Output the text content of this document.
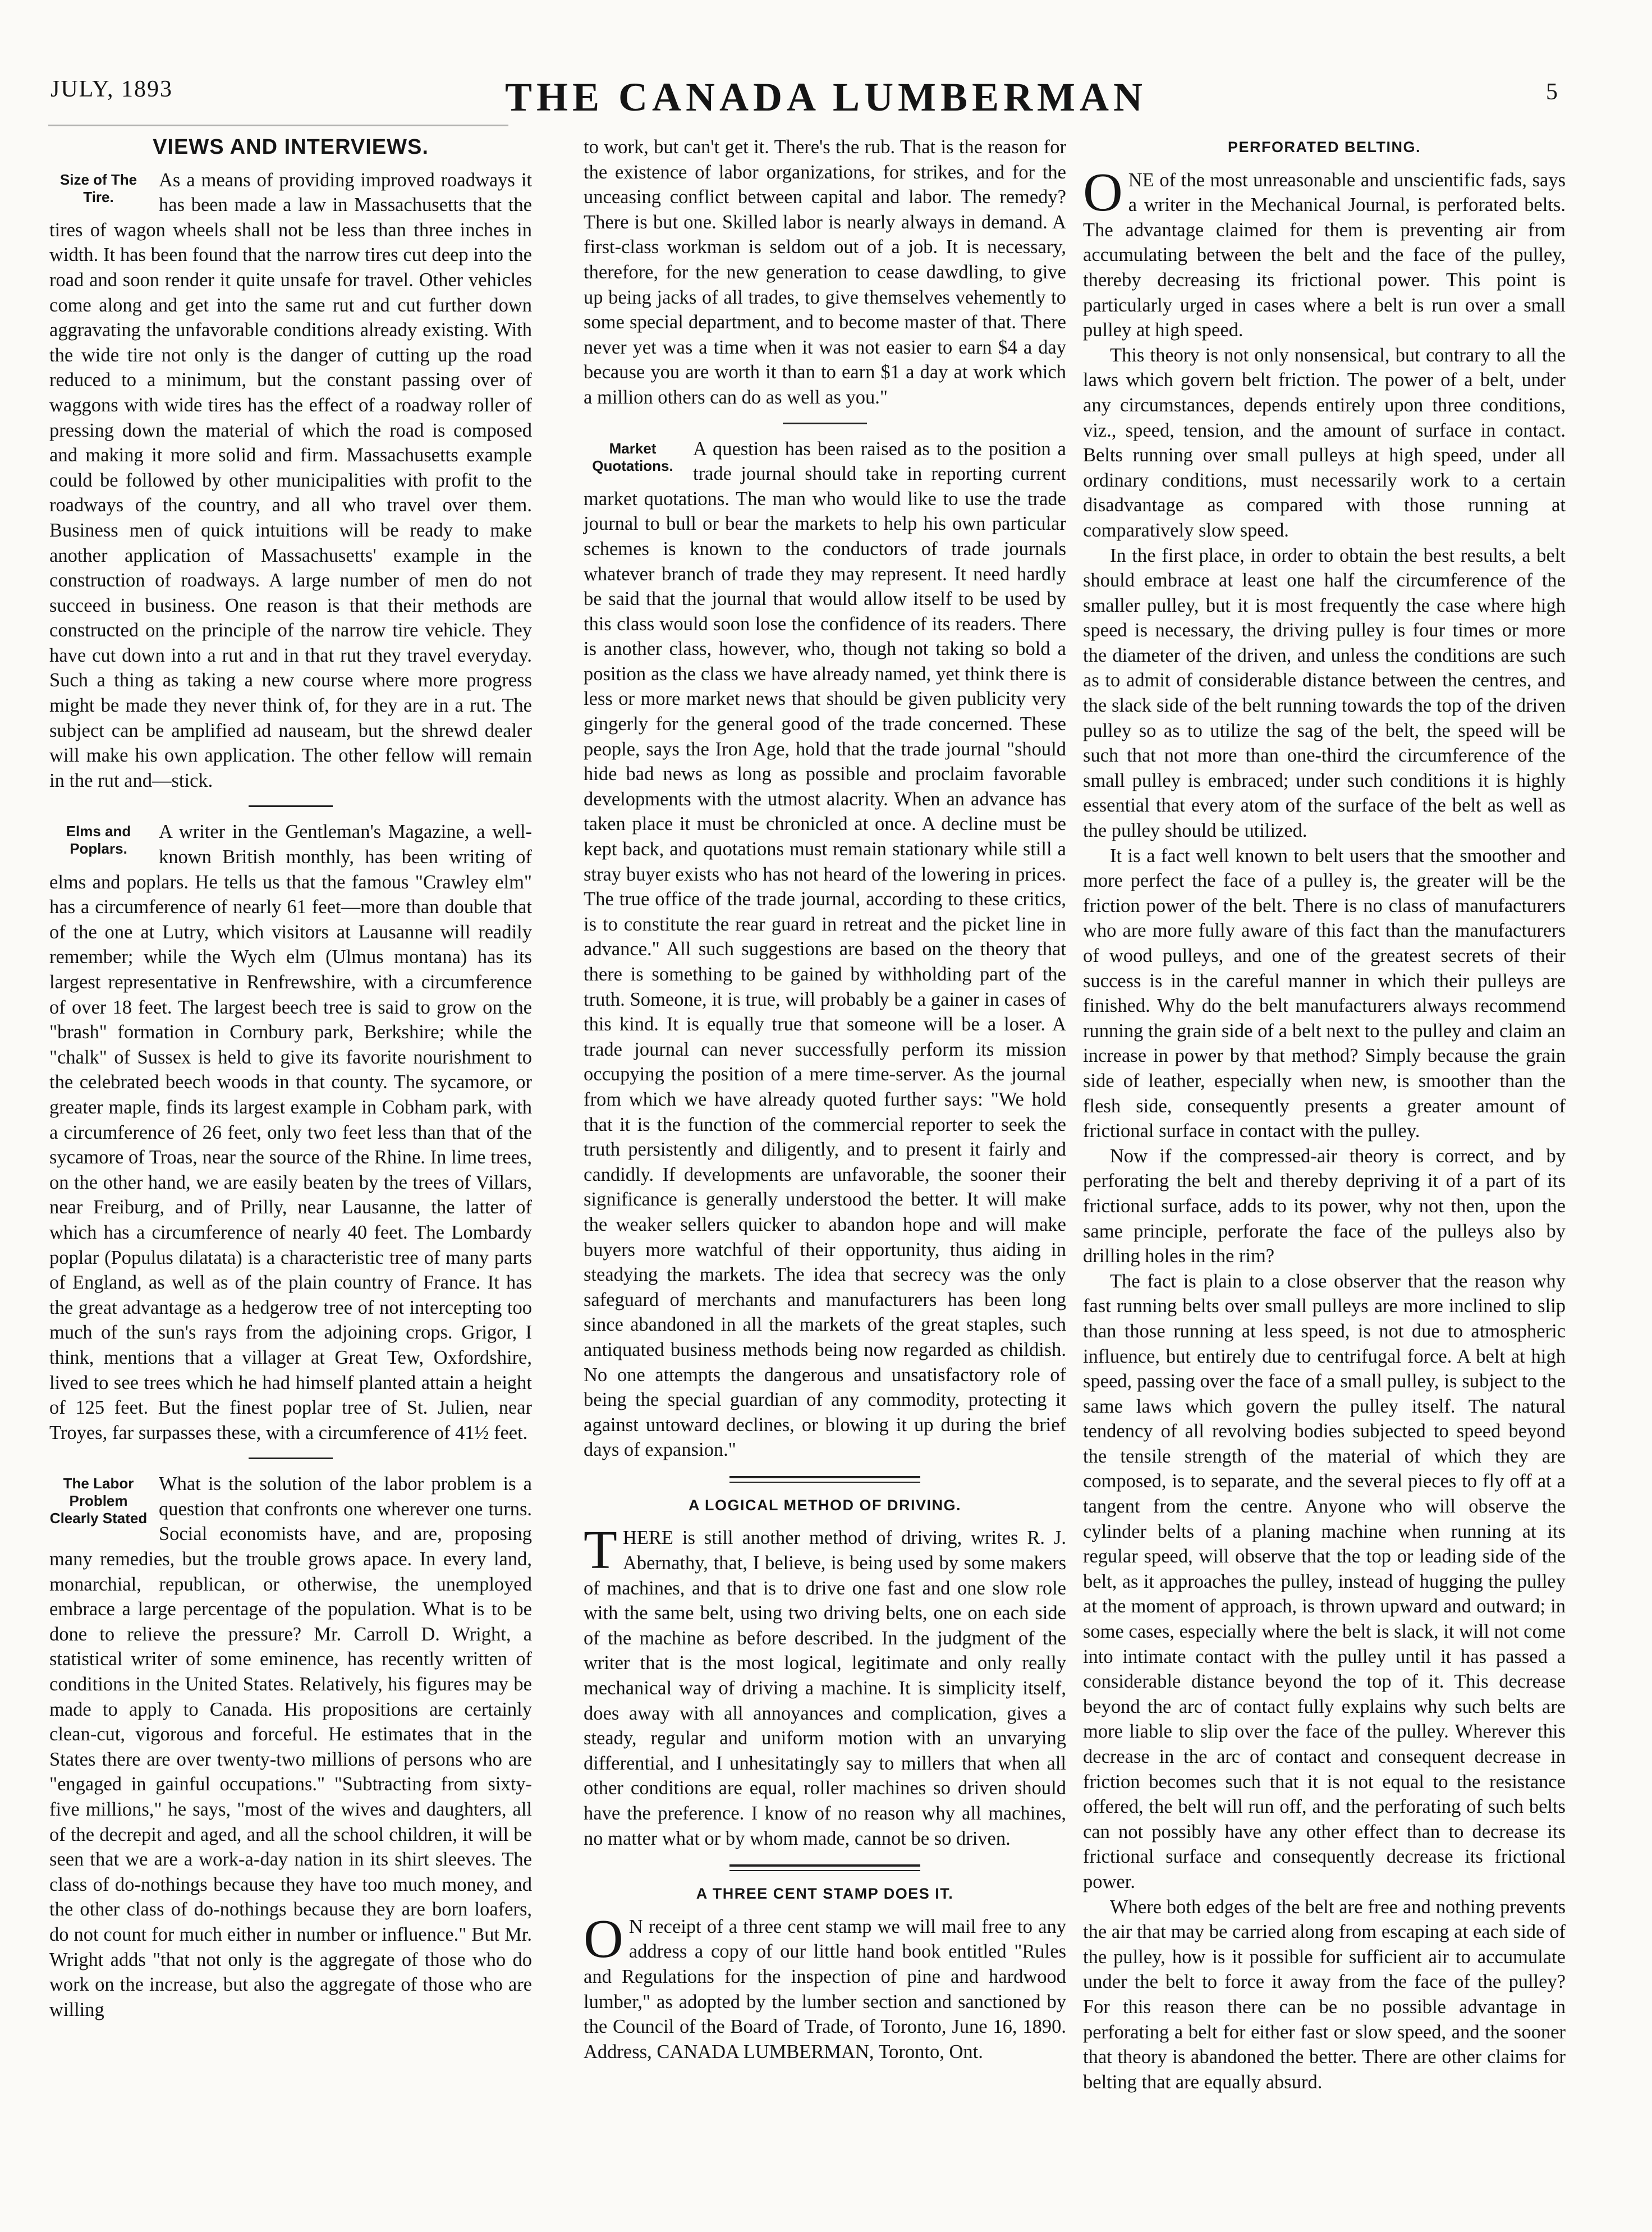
JULY, 1893	THE CANADA LUMBERMAN	5
VIEWS AND INTERVIEWS.

Size of The Tire.
As a means of providing improved roadways it has been made a law in Massachusetts that the tires of wagon wheels shall not be less than three inches in width. It has been found that the narrow tires cut deep into the road and soon render it quite unsafe for travel. Other vehicles come along and get into the same rut and cut further down aggravating the unfavorable conditions already existing. With the wide tire not only is the danger of cutting up the road reduced to a minimum, but the constant passing over of waggons with wide tires has the effect of a roadway roller of pressing down the material of which the road is composed and making it more solid and firm. Massachusetts example could be followed by other municipalities with profit to the roadways of the country, and all who travel over them. Business men of quick intuitions will be ready to make another application of Massachusetts' example in the construction of roadways. A large number of men do not succeed in business. One reason is that their methods are constructed on the principle of the narrow tire vehicle. They have cut down into a rut and in that rut they travel everyday. Such a thing as taking a new course where more progress might be made they never think of, for they are in a rut. The subject can be amplified ad nauseam, but the shrewd dealer will make his own application. The other fellow will remain in the rut and—stick.

Elms and Poplars.
A writer in the Gentleman's Magazine, a well-known British monthly, has been writing of elms and poplars. He tells us that the famous "Crawley elm" has a circumference of nearly 61 feet—more than double that of the one at Lutry, which visitors at Lausanne will readily remember; while the Wych elm (Ulmus montana) has its largest representative in Renfrewshire, with a circumference of over 18 feet. The largest beech tree is said to grow on the "brash" formation in Cornbury park, Berkshire; while the "chalk" of Sussex is held to give its favorite nourishment to the celebrated beech woods in that county. The sycamore, or greater maple, finds its largest example in Cobham park, with a circumference of 26 feet, only two feet less than that of the sycamore of Troas, near the source of the Rhine. In lime trees, on the other hand, we are easily beaten by the trees of Villars, near Freiburg, and of Prilly, near Lausanne, the latter of which has a circumference of nearly 40 feet. The Lombardy poplar (Populus dilatata) is a characteristic tree of many parts of England, as well as of the plain country of France. It has the great advantage as a hedgerow tree of not intercepting too much of the sun's rays from the adjoining crops. Grigor, I think, mentions that a villager at Great Tew, Oxfordshire, lived to see trees which he had himself planted attain a height of 125 feet. But the finest poplar tree of St. Julien, near Troyes, far surpasses these, with a circumference of 41½ feet.

The Labor Problem Clearly Stated
What is the solution of the labor problem is a question that confronts one wherever one turns. Social economists have, and are, proposing many remedies, but the trouble grows apace. In every land, monarchial, republican, or otherwise, the unemployed embrace a large percentage of the population. What is to be done to relieve the pressure? Mr. Carroll D. Wright, a statistical writer of some eminence, has recently written of conditions in the United States. Relatively, his figures may be made to apply to Canada. His propositions are certainly clean-cut, vigorous and forceful. He estimates that in the States there are over twenty-two millions of persons who are "engaged in gainful occupations." "Subtracting from sixty-five millions," he says, "most of the wives and daughters, all of the decrepit and aged, and all the school children, it will be seen that we are a work-a-day nation in its shirt sleeves. The class of do-nothings because they have too much money, and the other class of do-nothings because they are born loafers, do not count for much either in number or influence." But Mr. Wright adds "that not only is the aggregate of those who do work on the increase, but also the aggregate of those who are willing

to work, but can't get it. There's the rub. That is the reason for the existence of labor organizations, for strikes, and for the unceasing conflict between capital and labor. The remedy? There is but one. Skilled labor is nearly always in demand. A first-class workman is seldom out of a job. It is necessary, therefore, for the new generation to cease dawdling, to give up being jacks of all trades, to give themselves vehemently to some special department, and to become master of that. There never yet was a time when it was not easier to earn $4 a day because you are worth it than to earn $1 a day at work which a million others can do as well as you."

Market Quotations.
A question has been raised as to the position a trade journal should take in reporting current market quotations. The man who would like to use the trade journal to bull or bear the markets to help his own particular schemes is known to the conductors of trade journals whatever branch of trade they may represent. It need hardly be said that the journal that would allow itself to be used by this class would soon lose the confidence of its readers. There is another class, however, who, though not taking so bold a position as the class we have already named, yet think there is less or more market news that should be given publicity very gingerly for the general good of the trade concerned. These people, says the Iron Age, hold that the trade journal "should hide bad news as long as possible and proclaim favorable developments with the utmost alacrity. When an advance has taken place it must be chronicled at once. A decline must be kept back, and quotations must remain stationary while still a stray buyer exists who has not heard of the lowering in prices. The true office of the trade journal, according to these critics, is to constitute the rear guard in retreat and the picket line in advance." All such suggestions are based on the theory that there is something to be gained by withholding part of the truth. Someone, it is true, will probably be a gainer in cases of this kind. It is equally true that someone will be a loser. A trade journal can never successfully perform its mission occupying the position of a mere time-server. As the journal from which we have already quoted further says: "We hold that it is the function of the commercial reporter to seek the truth persistently and diligently, and to present it fairly and candidly. If developments are unfavorable, the sooner their significance is generally understood the better. It will make the weaker sellers quicker to abandon hope and will make buyers more watchful of their opportunity, thus aiding in steadying the markets. The idea that secrecy was the only safeguard of merchants and manufacturers has been long since abandoned in all the markets of the great staples, such antiquated business methods being now regarded as childish. No one attempts the dangerous and unsatisfactory role of being the special guardian of any commodity, protecting it against untoward declines, or blowing it up during the brief days of expansion."

A LOGICAL METHOD OF DRIVING.

T HERE is still another method of driving, writes R. J. Abernathy, that, I believe, is being used by some makers of machines, and that is to drive one fast and one slow role with the same belt, using two driving belts, one on each side of the machine as before described. In the judgment of the writer that is the most logical, legitimate and only really mechanical way of driving a machine. It is simplicity itself, does away with all annoyances and complication, gives a steady, regular and uniform motion with an unvarying differential, and I unhesitatingly say to millers that when all other conditions are equal, roller machines so driven should have the preference. I know of no reason why all machines, no matter what or by whom made, cannot be so driven.

A THREE CENT STAMP DOES IT.

O N receipt of a three cent stamp we will mail free to any address a copy of our little hand book entitled "Rules and Regulations for the inspection of pine and hardwood lumber," as adopted by the lumber section and sanctioned by the Council of the Board of Trade, of Toronto, June 16, 1890. Address, CANADA LUMBERMAN, Toronto, Ont.

PERFORATED BELTING.

O NE of the most unreasonable and unscientific fads, says a writer in the Mechanical Journal, is perforated belts. The advantage claimed for them is preventing air from accumulating between the belt and the face of the pulley, thereby decreasing its frictional power. This point is particularly urged in cases where a belt is run over a small pulley at high speed.

This theory is not only nonsensical, but contrary to all the laws which govern belt friction. The power of a belt, under any circumstances, depends entirely upon three conditions, viz., speed, tension, and the amount of surface in contact. Belts running over small pulleys at high speed, under all ordinary conditions, must necessarily work to a certain disadvantage as compared with those running at comparatively slow speed.

In the first place, in order to obtain the best results, a belt should embrace at least one half the circumference of the smaller pulley, but it is most frequently the case where high speed is necessary, the driving pulley is four times or more the diameter of the driven, and unless the conditions are such as to admit of considerable distance between the centres, and the slack side of the belt running towards the top of the driven pulley so as to utilize the sag of the belt, the speed will be such that not more than one-third the circumference of the small pulley is embraced; under such conditions it is highly essential that every atom of the surface of the belt as well as the pulley should be utilized.

It is a fact well known to belt users that the smoother and more perfect the face of a pulley is, the greater will be the friction power of the belt. There is no class of manufacturers who are more fully aware of this fact than the manufacturers of wood pulleys, and one of the greatest secrets of their success is in the careful manner in which their pulleys are finished. Why do the belt manufacturers always recommend running the grain side of a belt next to the pulley and claim an increase in power by that method? Simply because the grain side of leather, especially when new, is smoother than the flesh side, consequently presents a greater amount of frictional surface in contact with the pulley.

Now if the compressed-air theory is correct, and by perforating the belt and thereby depriving it of a part of its frictional surface, adds to its power, why not then, upon the same principle, perforate the face of the pulleys also by drilling holes in the rim?

The fact is plain to a close observer that the reason why fast running belts over small pulleys are more inclined to slip than those running at less speed, is not due to atmospheric influence, but entirely due to centrifugal force. A belt at high speed, passing over the face of a small pulley, is subject to the same laws which govern the pulley itself. The natural tendency of all revolving bodies subjected to speed beyond the tensile strength of the material of which they are composed, is to separate, and the several pieces to fly off at a tangent from the centre. Anyone who will observe the cylinder belts of a planing machine when running at its regular speed, will observe that the top or leading side of the belt, as it approaches the pulley, instead of hugging the pulley at the moment of approach, is thrown upward and outward; in some cases, especially where the belt is slack, it will not come into intimate contact with the pulley until it has passed a considerable distance beyond the top of it. This decrease beyond the arc of contact fully explains why such belts are more liable to slip over the face of the pulley. Wherever this decrease in the arc of contact and consequent decrease in friction becomes such that it is not equal to the resistance offered, the belt will run off, and the perforating of such belts can not possibly have any other effect than to decrease its frictional surface and consequently decrease its frictional power.

Where both edges of the belt are free and nothing prevents the air that may be carried along from escaping at each side of the pulley, how is it possible for sufficient air to accumulate under the belt to force it away from the face of the pulley? For this reason there can be no possible advantage in perforating a belt for either fast or slow speed, and the sooner that theory is abandoned the better. There are other claims for belting that are equally absurd.
